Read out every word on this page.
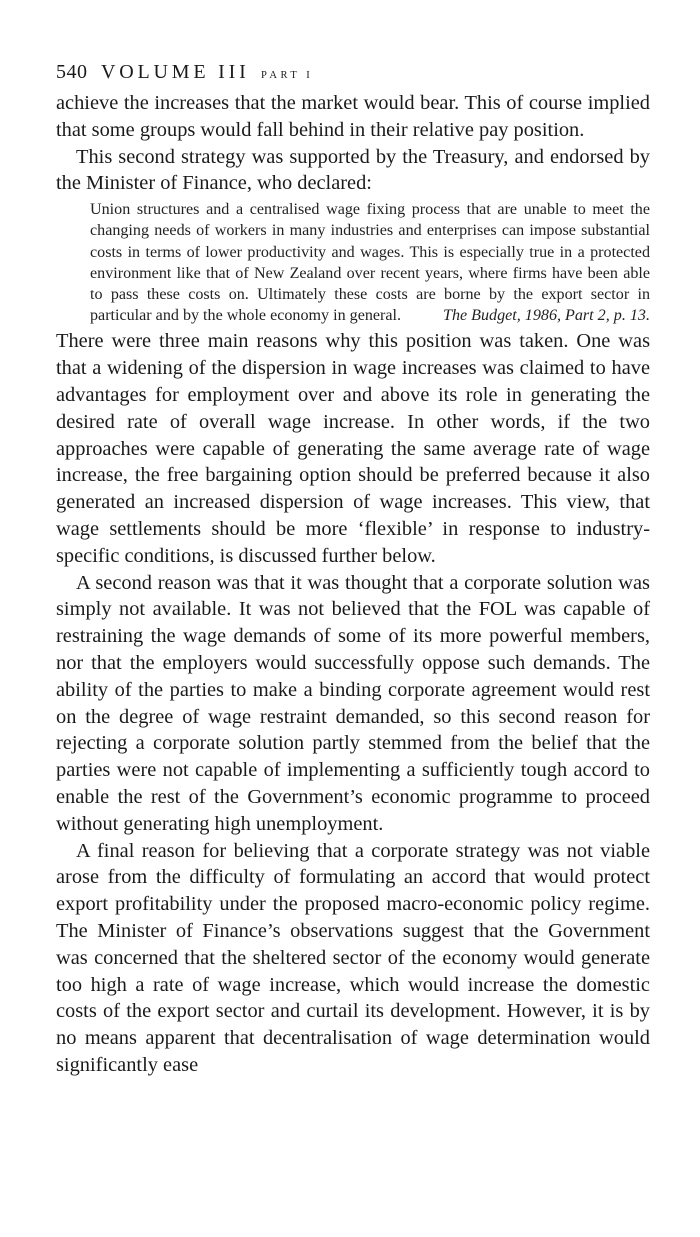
540 VOLUME III PART I

achieve the increases that the market would bear. This of course implied that some groups would fall behind in their relative pay position.

This second strategy was supported by the Treasury, and endorsed by the Minister of Finance, who declared:

Union structures and a centralised wage fixing process that are unable to meet the changing needs of workers in many industries and enterprises can impose substantial costs in terms of lower productivity and wages. This is especially true in a protected environment like that of New Zealand over recent years, where firms have been able to pass these costs on. Ultimately these costs are borne by the export sector in particular and by the whole economy in general.	The Budget, 1986, Part 2, p. 13.

There were three main reasons why this position was taken. One was that a widening of the dispersion in wage increases was claimed to have advantages for employment over and above its role in generating the desired rate of overall wage increase. In other words, if the two approaches were capable of generating the same average rate of wage increase, the free bargaining option should be preferred because it also generated an increased dispersion of wage increases. This view, that wage settlements should be more ‘flexible’ in response to industry-specific conditions, is discussed further below.

A second reason was that it was thought that a corporate solution was simply not available. It was not believed that the FOL was capable of restraining the wage demands of some of its more powerful members, nor that the employers would successfully oppose such demands. The ability of the parties to make a binding corporate agreement would rest on the degree of wage restraint demanded, so this second reason for rejecting a corporate solution partly stemmed from the belief that the parties were not capable of implementing a sufficiently tough accord to enable the rest of the Government’s economic programme to proceed without generating high unemployment.

A final reason for believing that a corporate strategy was not viable arose from the difficulty of formulating an accord that would protect export profitability under the proposed macro-economic policy regime. The Minister of Finance’s observations suggest that the Government was concerned that the sheltered sector of the economy would generate too high a rate of wage increase, which would increase the domestic costs of the export sector and curtail its development. However, it is by no means apparent that decentralisation of wage determination would significantly ease
